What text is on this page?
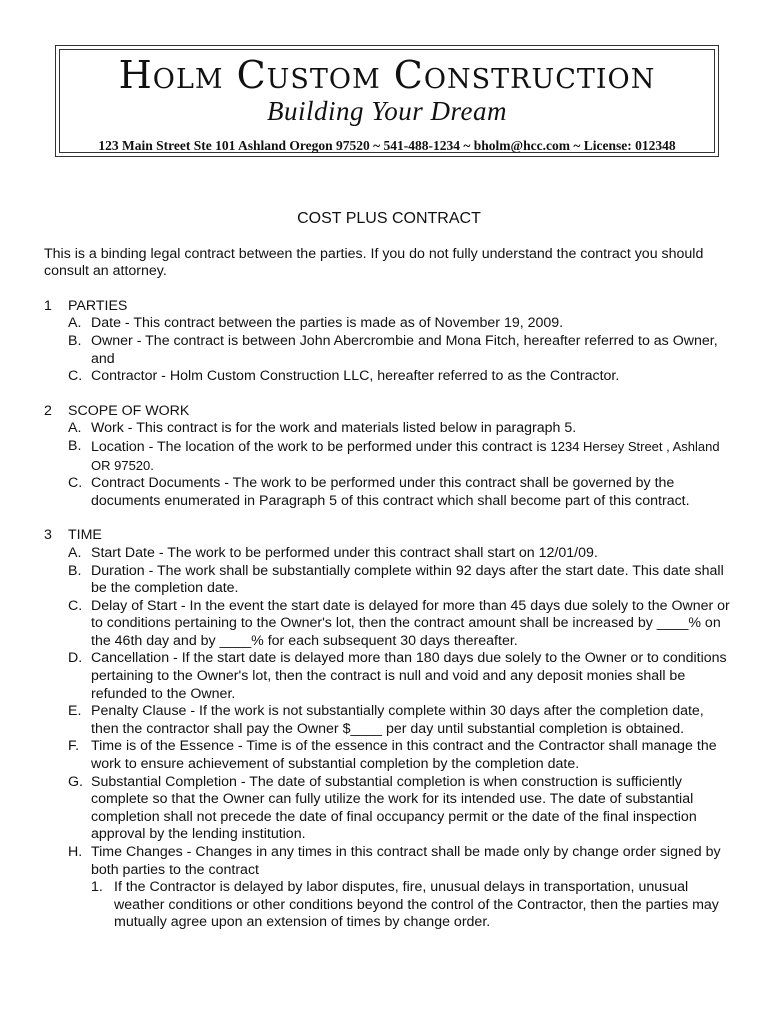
Holm Custom Construction
Building Your Dream
123 Main Street Ste 101 Ashland Oregon 97520 ~ 541-488-1234 ~ bholm@hcc.com ~ License: 012348
COST PLUS CONTRACT

This is a binding legal contract between the parties. If you do not fully understand the contract you should consult an attorney.

1	PARTIES
A. Date - This contract between the parties is made as of November 19, 2009.
B. Owner - The contract is between John Abercrombie and Mona Fitch, hereafter referred to as Owner, and
C. Contractor - Holm Custom Construction LLC, hereafter referred to as the Contractor.
2	SCOPE OF WORK
A. Work - This contract is for the work and materials listed below in paragraph 5.
B. Location - The location of the work to be performed under this contract is 1234 Hersey Street , Ashland OR 97520.
C. Contract Documents - The work to be performed under this contract shall be governed by the documents enumerated in Paragraph 5 of this contract which shall become part of this contract.
3	TIME
A. Start Date - The work to be performed under this contract shall start on 12/01/09.
B. Duration - The work shall be substantially complete within 92 days after the start date. This date shall be the completion date.
C. Delay of Start - In the event the start date is delayed for more than 45 days due solely to the Owner or to conditions pertaining to the Owner's lot, then the contract amount shall be increased by ____% on the 46th day and by ____% for each subsequent 30 days thereafter.
D. Cancellation - If the start date is delayed more than 180 days due solely to the Owner or to conditions pertaining to the Owner's lot, then the contract is null and void and any deposit monies shall be refunded to the Owner.
E. Penalty Clause - If the work is not substantially complete within 30 days after the completion date, then the contractor shall pay the Owner $____ per day until substantial completion is obtained.
F. Time is of the Essence - Time is of the essence in this contract and the Contractor shall manage the work to ensure achievement of substantial completion by the completion date.
G. Substantial Completion - The date of substantial completion is when construction is sufficiently complete so that the Owner can fully utilize the work for its intended use. The date of substantial completion shall not precede the date of final occupancy permit or the date of the final inspection approval by the lending institution.
H. Time Changes - Changes in any times in this contract shall be made only by change order signed by both parties to the contract
1. If the Contractor is delayed by labor disputes, fire, unusual delays in transportation, unusual weather conditions or other conditions beyond the control of the Contractor, then the parties may mutually agree upon an extension of times by change order.
